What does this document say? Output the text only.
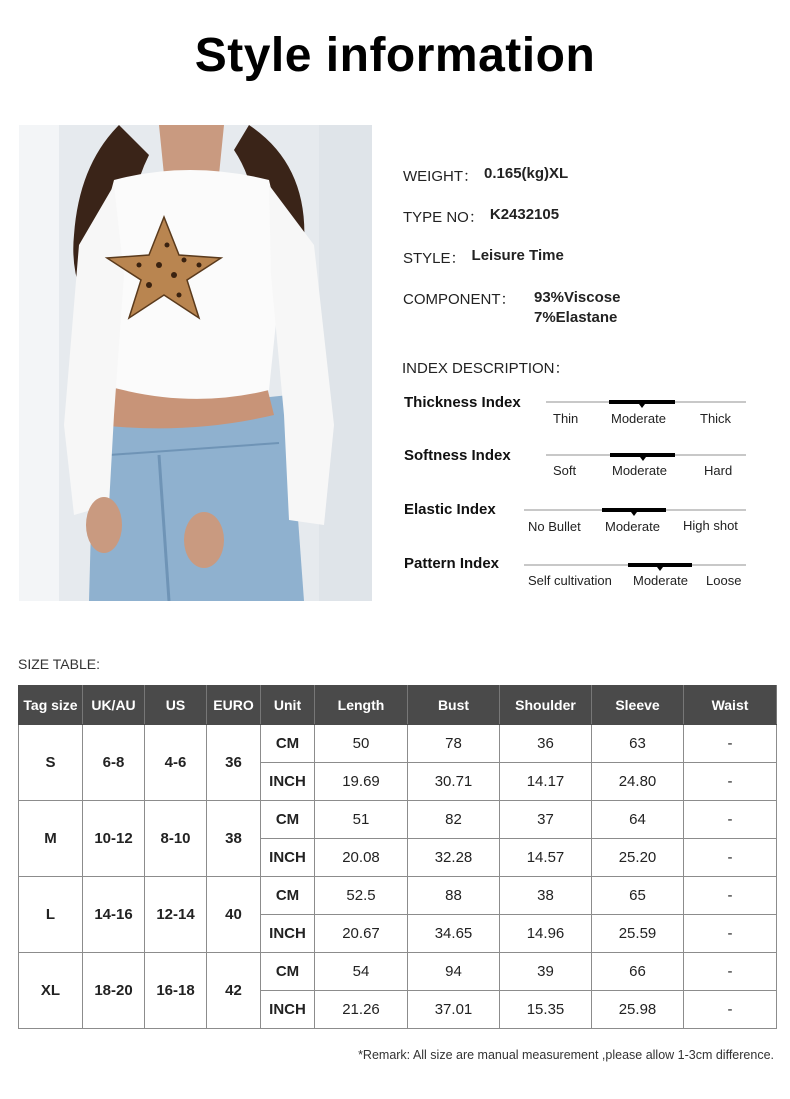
Style information
WEIGHT： 0.165(kg)XL
TYPE NO： K2432105
STYLE： Leisure Time
COMPONENT： 93%Viscose
7%Elastane
INDEX DESCRIPTION：
Thickness Index
Thin	Moderate	Thick
Softness Index
Soft	Moderate	Hard
Elastic Index
No Bullet Moderate High shot
Pattern Index
Self cultivation Moderate Loose
SIZE TABLE:
Tag size	UK/AU	US	EURO	Unit	Length	Bust	Shoulder	Sleeve	Waist
S	6-8	4-6	36	CM	50	78	36	63	-
				INCH	19.69	30.71	14.17	24.80	-
M	10-12	8-10	38	CM	51	82	37	64	-
				INCH	20.08	32.28	14.57	25.20	-
L	14-16	12-14	40	CM	52.5	88	38	65	-
				INCH	20.67	34.65	14.96	25.59	-
XL	18-20	16-18	42	CM	54	94	39	66	-
				INCH	21.26	37.01	15.35	25.98	-
*Remark: All size are manual measurement ,please allow 1-3cm difference.
